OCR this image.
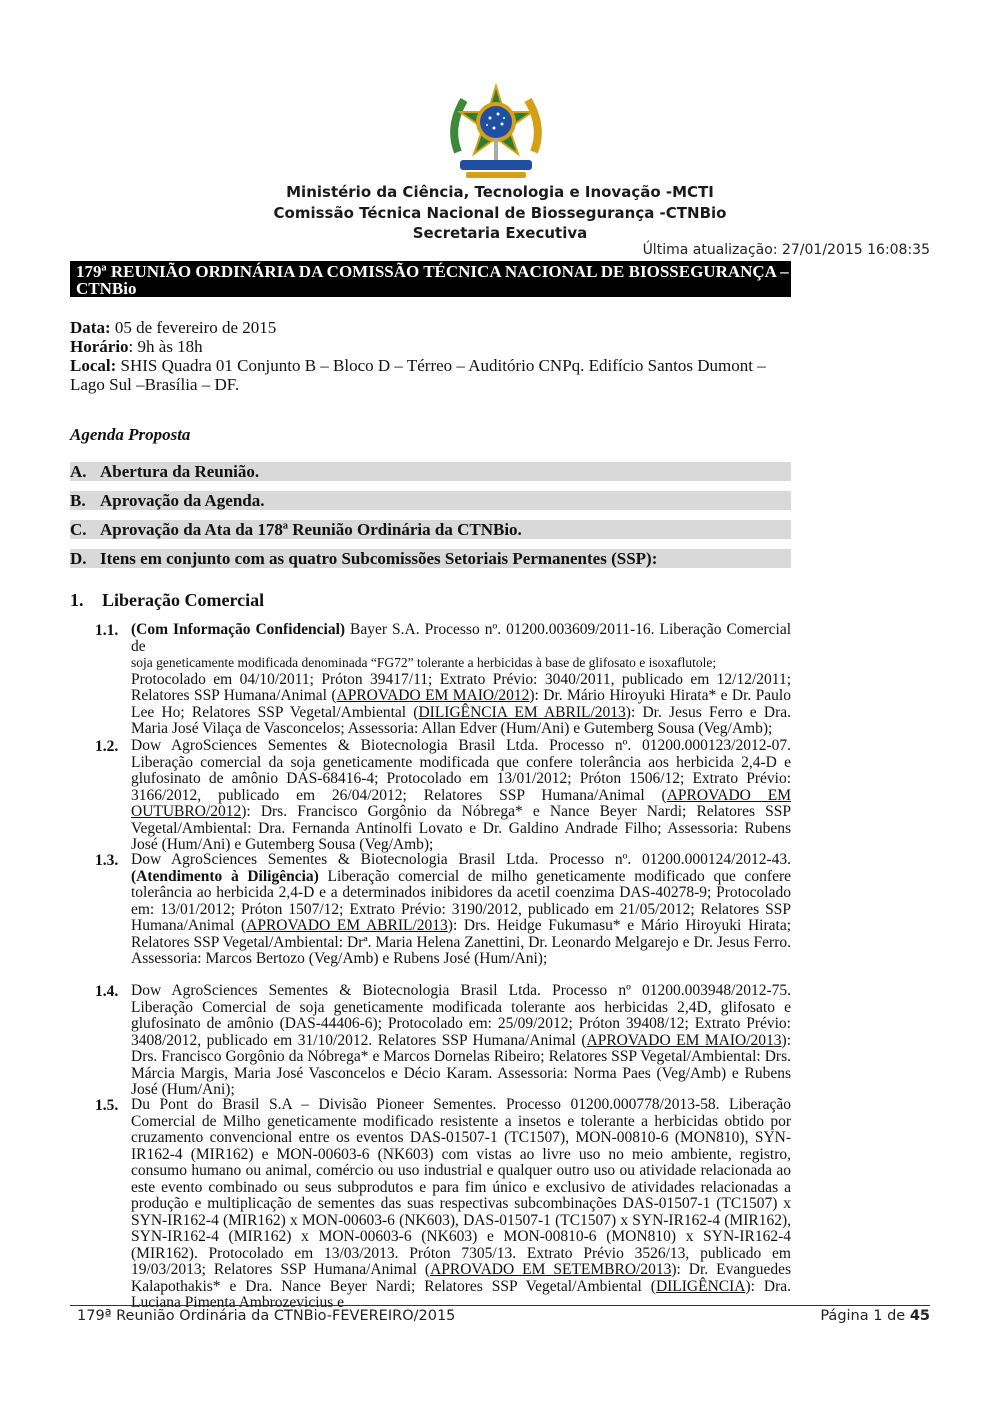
Ministério da Ciência, Tecnologia e Inovação -MCTI
Comissão Técnica Nacional de Biossegurança -CTNBio
Secretaria Executiva
Última atualização: 27/01/2015 16:08:35
179ª REUNIÃO ORDINÁRIA DA COMISSÃO TÉCNICA NACIONAL DE BIOSSEGURANÇA –
CTNBio
Data: 05 de fevereiro de 2015
Horário: 9h às 18h
Local: SHIS Quadra 01 Conjunto B – Bloco D – Térreo – Auditório CNPq. Edifício Santos Dumont –
Lago Sul –Brasília – DF.
Agenda Proposta
A. Abertura da Reunião.
B. Aprovação da Agenda.
C. Aprovação da Ata da 178ª Reunião Ordinária da CTNBio.
D. Itens em conjunto com as quatro Subcomissões Setoriais Permanentes (SSP):
1. Liberação Comercial
1.1. (Com Informação Confidencial) Bayer S.A. Processo nº. 01200.003609/2011-16. Liberação Comercial de
soja geneticamente modificada denominada “FG72” tolerante a herbicidas à base de glifosato e isoxaflutole;
Protocolado em 04/10/2011; Próton 39417/11; Extrato Prévio: 3040/2011, publicado em 12/12/2011; Relatores SSP Humana/Animal (APROVADO EM MAIO/2012): Dr. Mário Hiroyuki Hirata* e Dr. Paulo Lee Ho; Relatores SSP Vegetal/Ambiental (DILIGÊNCIA EM ABRIL/2013): Dr. Jesus Ferro e Dra. Maria José Vilaça de Vasconcelos; Assessoria: Allan Edver (Hum/Ani) e Gutemberg Sousa (Veg/Amb);
1.2. Dow AgroSciences Sementes & Biotecnologia Brasil Ltda. Processo nº. 01200.000123/2012-07. Liberação comercial da soja geneticamente modificada que confere tolerância aos herbicida 2,4-D e glufosinato de amônio DAS-68416-4; Protocolado em 13/01/2012; Próton 1506/12; Extrato Prévio: 3166/2012, publicado em 26/04/2012; Relatores SSP Humana/Animal (APROVADO EM OUTUBRO/2012): Drs. Francisco Gorgônio da Nóbrega* e Nance Beyer Nardi; Relatores SSP Vegetal/Ambiental: Dra. Fernanda Antinolfi Lovato e Dr. Galdino Andrade Filho; Assessoria: Rubens José (Hum/Ani) e Gutemberg Sousa (Veg/Amb);
1.3. Dow AgroSciences Sementes & Biotecnologia Brasil Ltda. Processo nº. 01200.000124/2012-43. (Atendimento à Diligência) Liberação comercial de milho geneticamente modificado que confere tolerância ao herbicida 2,4-D e a determinados inibidores da acetil coenzima DAS-40278-9; Protocolado em: 13/01/2012; Próton 1507/12; Extrato Prévio: 3190/2012, publicado em 21/05/2012; Relatores SSP Humana/Animal (APROVADO EM ABRIL/2013): Drs. Heidge Fukumasu* e Mário Hiroyuki Hirata; Relatores SSP Vegetal/Ambiental: Drª. Maria Helena Zanettini, Dr. Leonardo Melgarejo e Dr. Jesus Ferro. Assessoria: Marcos Bertozo (Veg/Amb) e Rubens José (Hum/Ani);
1.4. Dow AgroSciences Sementes & Biotecnologia Brasil Ltda. Processo nº 01200.003948/2012-75. Liberação Comercial de soja geneticamente modificada tolerante aos herbicidas 2,4D, glifosato e glufosinato de amônio (DAS-44406-6); Protocolado em: 25/09/2012; Próton 39408/12; Extrato Prévio: 3408/2012, publicado em 31/10/2012. Relatores SSP Humana/Animal (APROVADO EM MAIO/2013): Drs. Francisco Gorgônio da Nóbrega* e Marcos Dornelas Ribeiro; Relatores SSP Vegetal/Ambiental: Drs. Márcia Margis, Maria José Vasconcelos e Décio Karam. Assessoria: Norma Paes (Veg/Amb) e Rubens José (Hum/Ani);
1.5. Du Pont do Brasil S.A – Divisão Pioneer Sementes. Processo 01200.000778/2013-58. Liberação Comercial de Milho geneticamente modificado resistente a insetos e tolerante a herbicidas obtido por cruzamento convencional entre os eventos DAS-01507-1 (TC1507), MON-00810-6 (MON810), SYN-IR162-4 (MIR162) e MON-00603-6 (NK603) com vistas ao livre uso no meio ambiente, registro, consumo humano ou animal, comércio ou uso industrial e qualquer outro uso ou atividade relacionada ao este evento combinado ou seus subprodutos e para fim único e exclusivo de atividades relacionadas a produção e multiplicação de sementes das suas respectivas subcombinações DAS-01507-1 (TC1507) x SYN-IR162-4 (MIR162) x MON-00603-6 (NK603), DAS-01507-1 (TC1507) x SYN-IR162-4 (MIR162), SYN-IR162-4 (MIR162) x MON-00603-6 (NK603) e MON-00810-6 (MON810) x SYN-IR162-4 (MIR162). Protocolado em 13/03/2013. Próton 7305/13. Extrato Prévio 3526/13, publicado em 19/03/2013; Relatores SSP Humana/Animal (APROVADO EM SETEMBRO/2013): Dr. Evanguedes Kalapothakis* e Dra. Nance Beyer Nardi; Relatores SSP Vegetal/Ambiental (DILIGÊNCIA): Dra. Luciana Pimenta Ambrozevicius e
179ª Reunião Ordinária da CTNBio-FEVEREIRO/2015	Página 1 de 45
